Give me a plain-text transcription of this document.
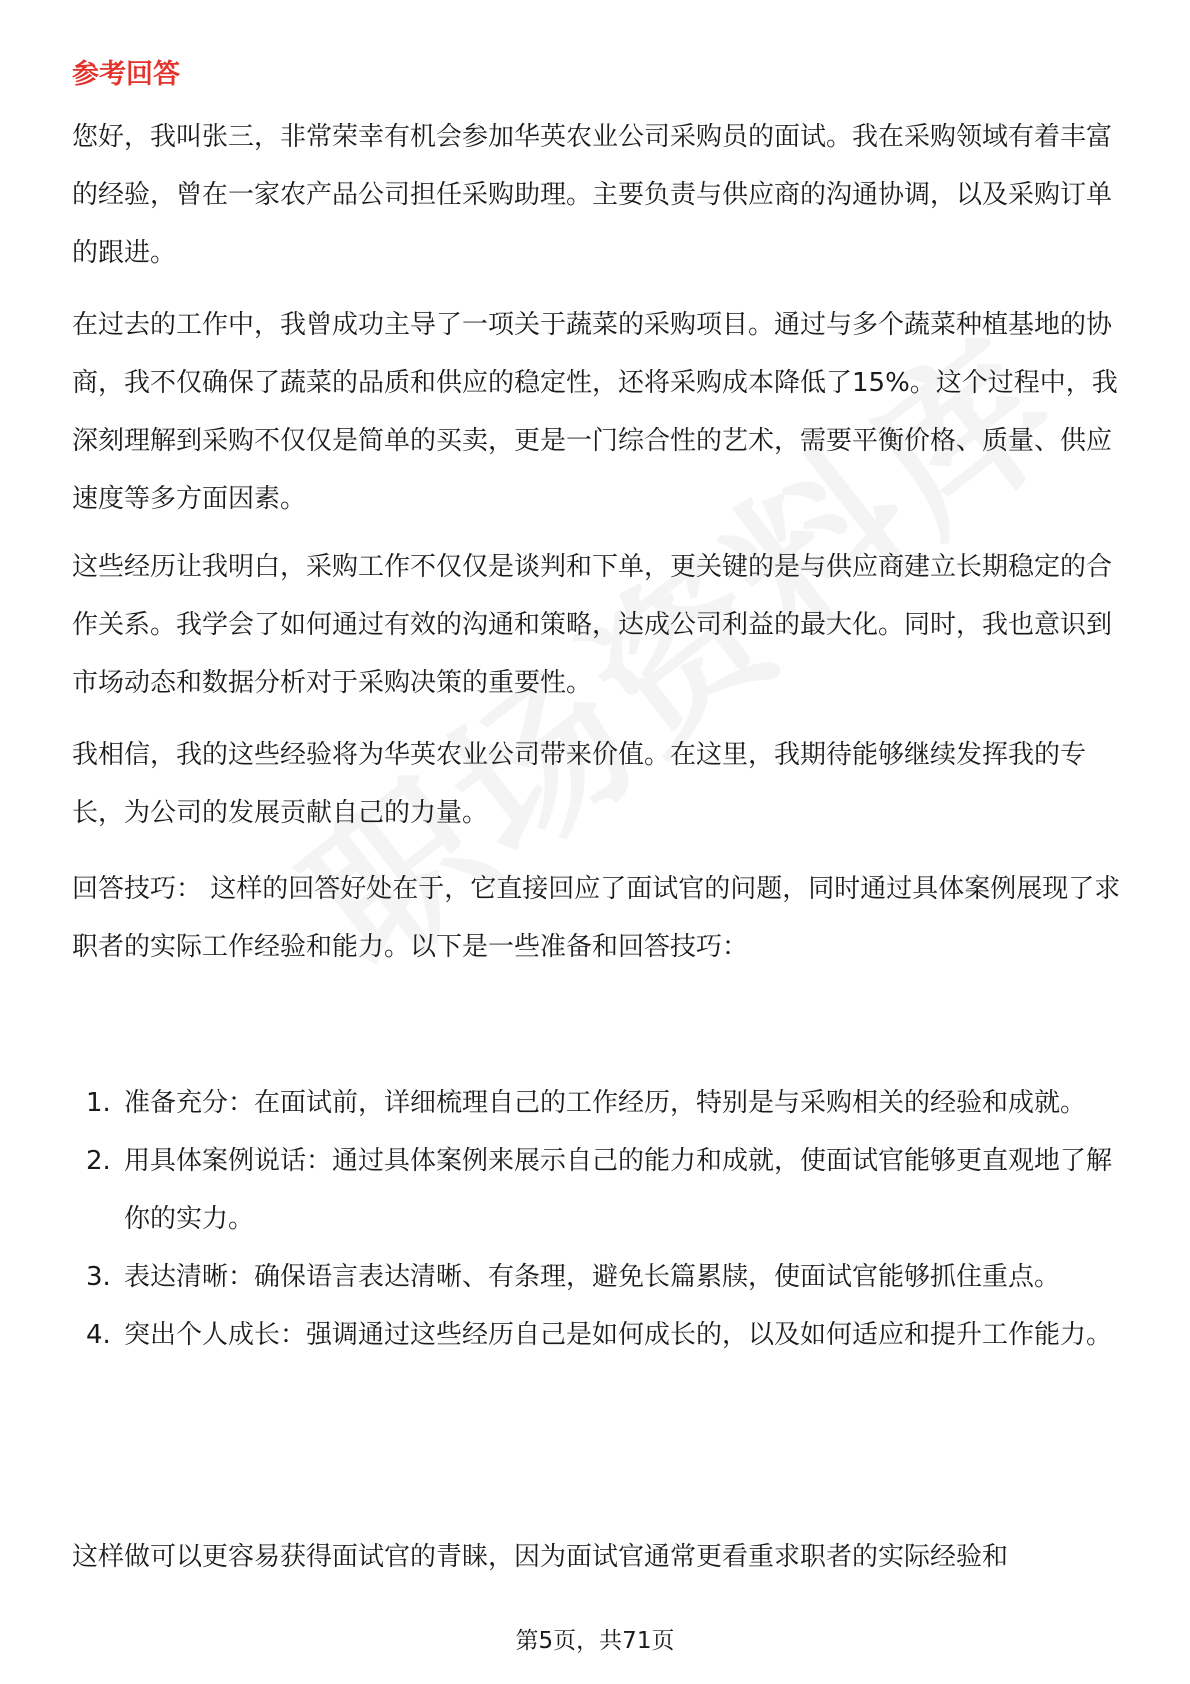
参考回答

您好，我叫张三，非常荣幸有机会参加华英农业公司采购员的面试。我在采购领域有着丰富的经验，曾在一家农产品公司担任采购助理。主要负责与供应商的沟通协调，以及采购订单的跟进。

在过去的工作中，我曾成功主导了一项关于蔬菜的采购项目。通过与多个蔬菜种植基地的协商，我不仅确保了蔬菜的品质和供应的稳定性，还将采购成本降低了15%。这个过程中，我深刻理解到采购不仅仅是简单的买卖，更是一门综合性的艺术，需要平衡价格、质量、供应速度等多方面因素。

这些经历让我明白，采购工作不仅仅是谈判和下单，更关键的是与供应商建立长期稳定的合作关系。我学会了如何通过有效的沟通和策略，达成公司利益的最大化。同时，我也意识到市场动态和数据分析对于采购决策的重要性。

我相信，我的这些经验将为华英农业公司带来价值。在这里，我期待能够继续发挥我的专长，为公司的发展贡献自己的力量。

回答技巧： 这样的回答好处在于，它直接回应了面试官的问题，同时通过具体案例展现了求职者的实际工作经验和能力。以下是一些准备和回答技巧：

1. 准备充分：在面试前，详细梳理自己的工作经历，特别是与采购相关的经验和成就。
2. 用具体案例说话：通过具体案例来展示自己的能力和成就，使面试官能够更直观地了解你的实力。
3. 表达清晰：确保语言表达清晰、有条理，避免长篇累牍，使面试官能够抓住重点。
4. 突出个人成长：强调通过这些经历自己是如何成长的，以及如何适应和提升工作能力。

这样做可以更容易获得面试官的青睐，因为面试官通常更看重求职者的实际经验和

第5页，共71页
